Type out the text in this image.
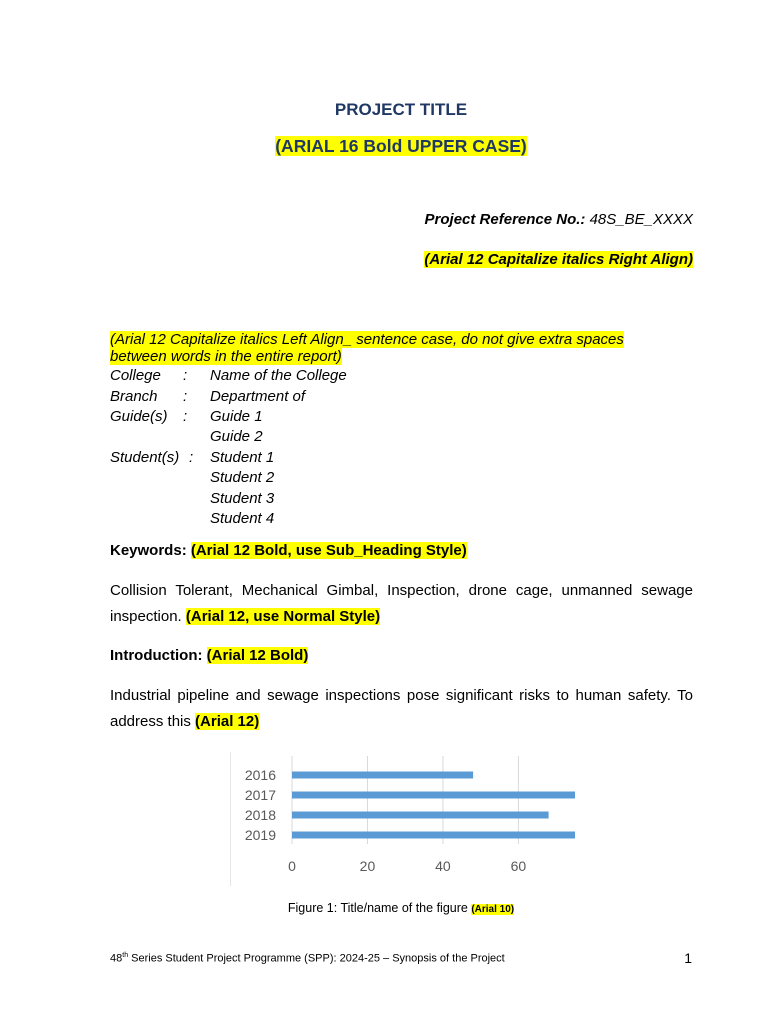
PROJECT TITLE
(ARIAL 16 Bold UPPER CASE)
Project Reference No.: 48S_BE_XXXX
(Arial 12 Capitalize italics Right Align)
(Arial 12 Capitalize italics Left Align_ sentence case, do not give extra spaces between words in the entire report)
College : Name of the College
Branch : Department of
Guide(s) : Guide 1
Guide 2
Student(s) : Student 1
Student 2
Student 3
Student 4
Keywords: (Arial 12 Bold, use Sub_Heading Style)
Collision Tolerant, Mechanical Gimbal, Inspection, drone cage, unmanned sewage inspection. (Arial 12, use Normal Style)
Introduction: (Arial 12 Bold)
Industrial pipeline and sewage inspections pose significant risks to human safety. To address this (Arial 12)
2016
2017
2018
2019
0	20	40	60
Figure 1: Title/name of the figure (Arial 10)
48th Series Student Project Programme (SPP): 2024-25 – Synopsis of the Project	1
